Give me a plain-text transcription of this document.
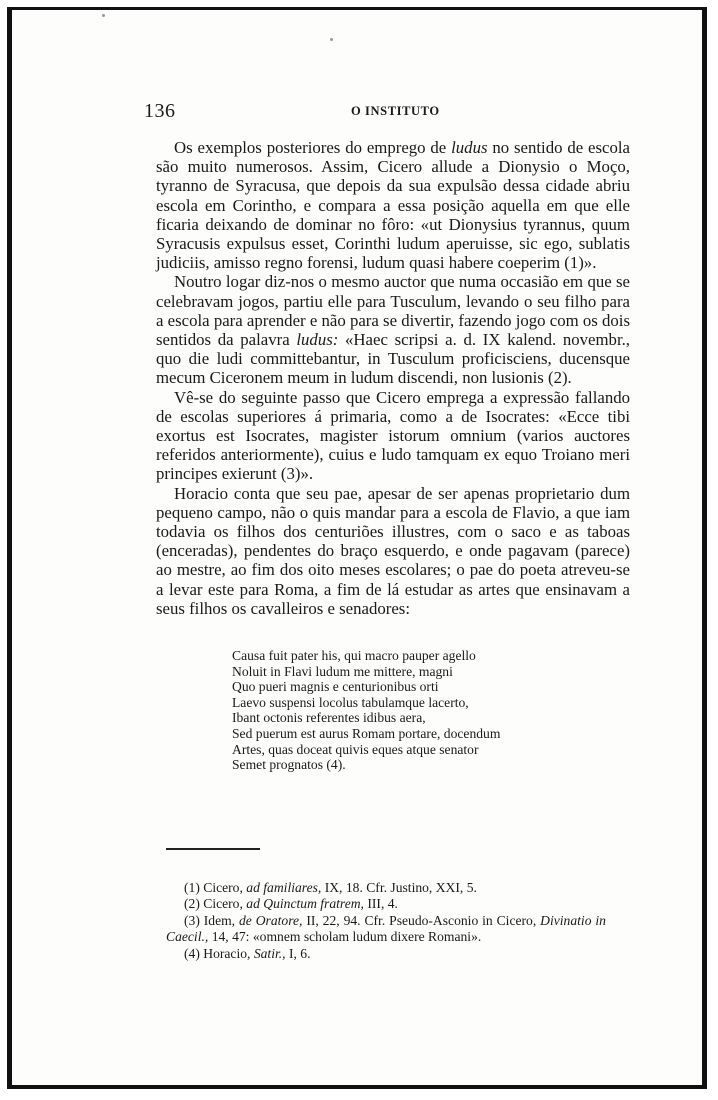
136	O INSTITUTO

Os exemplos posteriores do emprego de ludus no sentido de escola são muito numerosos. Assim, Cicero allude a Dionysio o Moço, tyranno de Syracusa, que depois da sua expulsão dessa cidade abriu escola em Corintho, e compara a essa posição aquella em que elle ficaria deixando de dominar no fôro: «ut Dionysius tyrannus, quum Syracusis expulsus esset, Corinthi ludum aperuisse, sic ego, sublatis judiciis, amisso regno forensi, ludum quasi habere coeperim (1)».

Noutro logar diz-nos o mesmo auctor que numa occasião em que se celebravam jogos, partiu elle para Tusculum, levando o seu filho para a escola para aprender e não para se divertir, fazendo jogo com os dois sentidos da palavra ludus: «Haec scripsi a. d. IX kalend. novembr., quo die ludi committebantur, in Tusculum proficisciens, ducensque mecum Ciceronem meum in ludum discendi, non lusionis (2).

Vê-se do seguinte passo que Cicero emprega a expressão fallando de escolas superiores á primaria, como a de Isocrates: «Ecce tibi exortus est Isocrates, magister istorum omnium (varios auctores referidos anteriormente), cuius e ludo tamquam ex equo Troiano meri principes exierunt (3)».

Horacio conta que seu pae, apesar de ser apenas proprietario dum pequeno campo, não o quis mandar para a escola de Flavio, a que iam todavia os filhos dos centuriões illustres, com o saco e as taboas (enceradas), pendentes do braço esquerdo, e onde pagavam (parece) ao mestre, ao fim dos oito meses escolares; o pae do poeta atreveu-se a levar este para Roma, a fim de lá estudar as artes que ensinavam a seus filhos os cavalleiros e senadores:

Causa fuit pater his, qui macro pauper agello
Noluit in Flavi ludum me mittere, magni
Quo pueri magnis e centurionibus orti
Laevo suspensi locolus tabulamque lacerto,
Ibant octonis referentes idibus aera,
Sed puerum est aurus Romam portare, docendum
Artes, quas doceat quivis eques atque senator
Semet prognatos (4).
(1) Cicero, ad familiares, IX, 18. Cfr. Justino, XXI, 5.
(2) Cicero, ad Quinctum fratrem, III, 4.
(3) Idem, de Oratore, II, 22, 94. Cfr. Pseudo-Asconio in Cicero, Divinatio in Caecil., 14, 47: «omnem scholam ludum dixere Romani».
(4) Horacio, Satir., I, 6.
